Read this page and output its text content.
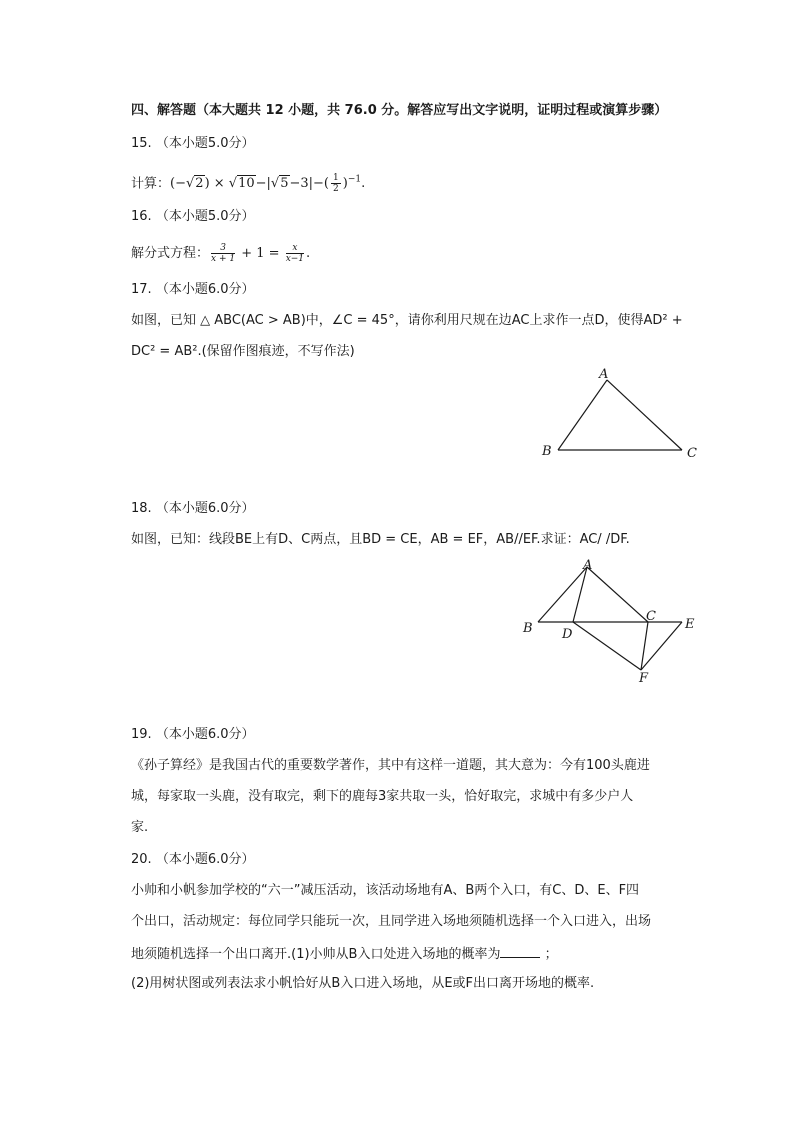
四、解答题（本大题共 12 小题，共 76.0 分。解答应写出文字说明，证明过程或演算步骤）
15. （本小题5.0分）
计算：$(-√2) \times √10-|√5-3|-( \frac{1}{2} )^{-1}$.
16. （本小题5.0分）
解分式方程： $\frac{3}{x + 1} + 1 = \frac{x}{x-1}$ .
17. （本小题6.0分）
如图，已知 △ ABC(AC > AB)中，∠C = 45°，请你利用尺规在边AC上求作一点D，使得AD² +
DC² = AB².(保留作图痕迹，不写作法)
A
B	C
18. （本小题6.0分）
如图，已知：线段BE上有D、C两点，且BD = CE，AB = EF，AB//EF.求证：AC/ /DF.
A
B
C
D
E
F
19. （本小题6.0分）
《孙子算经》是我国古代的重要数学著作，其中有这样一道题，其大意为：今有100头鹿进
城，每家取一头鹿，没有取完，剩下的鹿每3家共取一头，恰好取完，求城中有多少户人
家.
20. （本小题6.0分）
小帅和小帆参加学校的“六一”减压活动，该活动场地有A、B两个入口，有C、D、E、F四
个出口，活动规定：每位同学只能玩一次，且同学进入场地须随机选择一个入口进入，出场
地须随机选择一个出口离开.(1)小帅从B入口处进入场地的概率为	；
(2)用树状图或列表法求小帆恰好从B入口进入场地，从E或F出口离开场地的概率.
